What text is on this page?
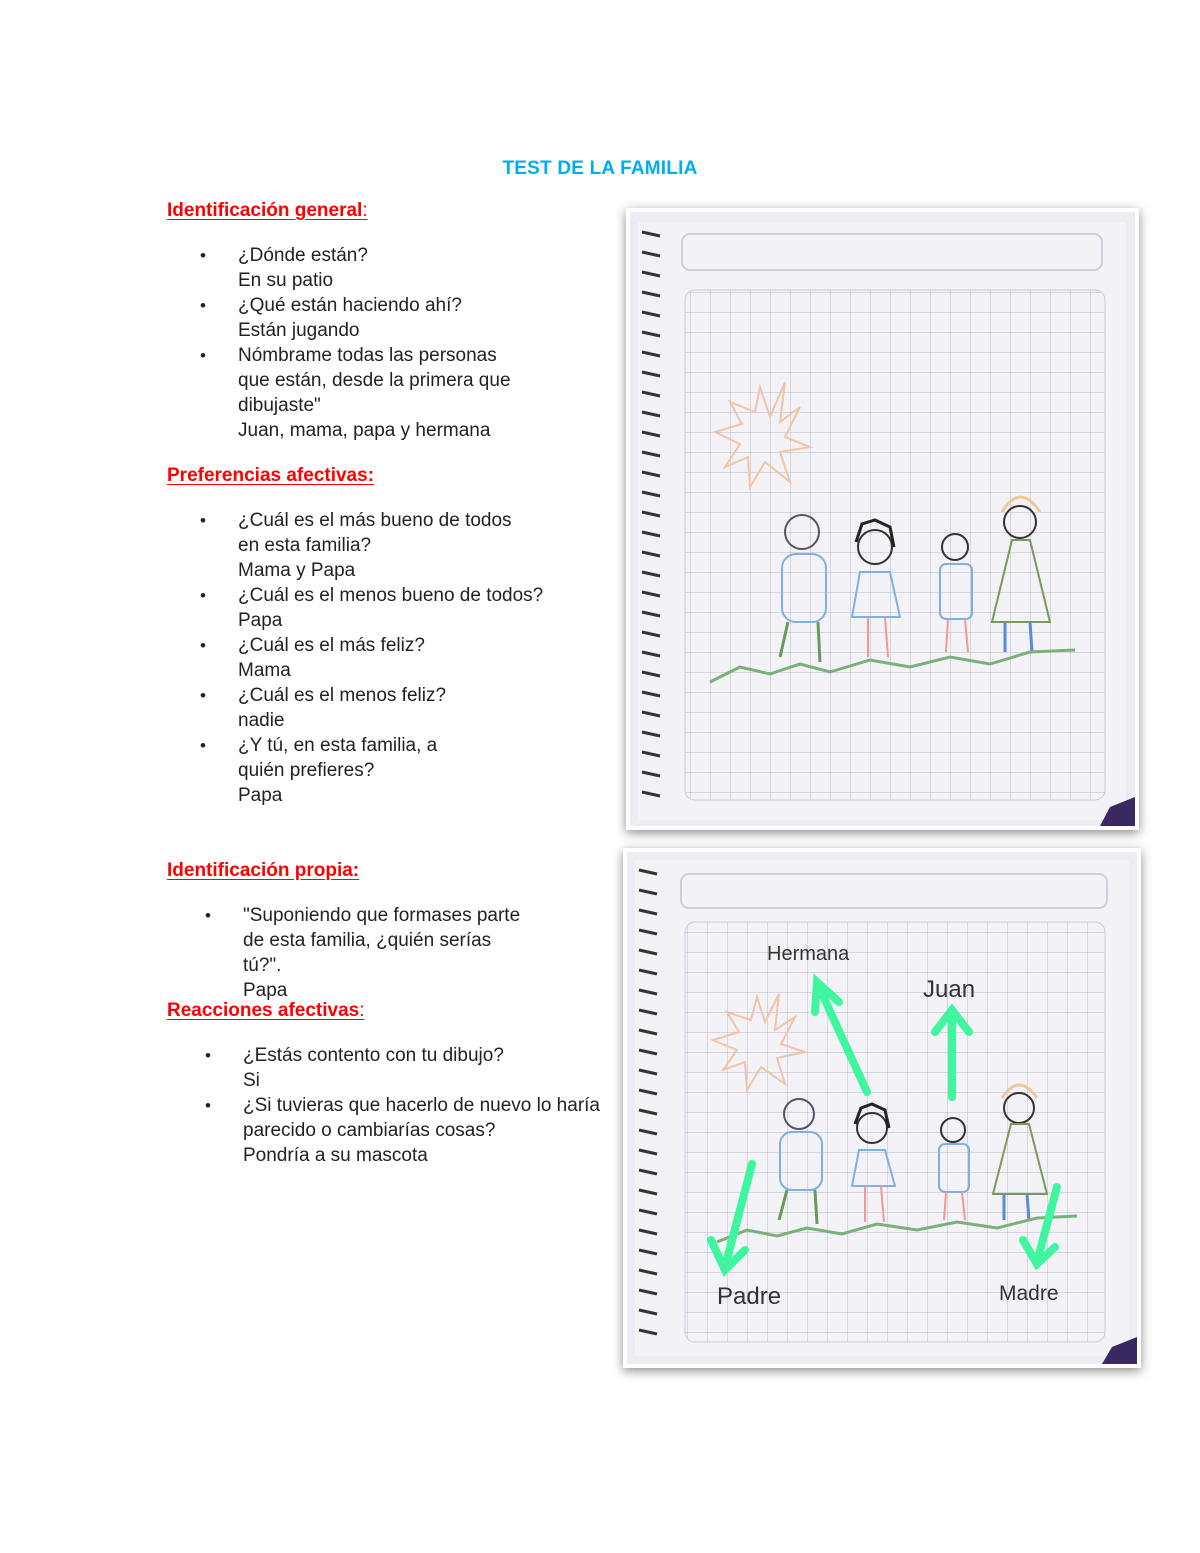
TEST DE LA FAMILIA
Identificación general:
• ¿Dónde están?
En su patio
• ¿Qué están haciendo ahí?
Están jugando
• Nómbrame todas las personas que están, desde la primera que dibujaste"
Juan, mama, papa y hermana
Preferencias afectivas:
• ¿Cuál es el más bueno de todos en esta familia?
Mama y Papa
• ¿Cuál es el menos bueno de todos?
Papa
• ¿Cuál es el más feliz?
Mama
• ¿Cuál es el menos feliz?
nadie
• ¿Y tú, en esta familia, a quién prefieres?
Papa
Identificación propia:
• "Suponiendo que formases parte de esta familia, ¿quién serías tú?".
Papa
Reacciones afectivas:
• ¿Estás contento con tu dibujo?
Si
• ¿Si tuvieras que hacerlo de nuevo lo haría parecido o cambiarías cosas?
Pondría a su mascota
Hermana
Juan
Padre	Madre
